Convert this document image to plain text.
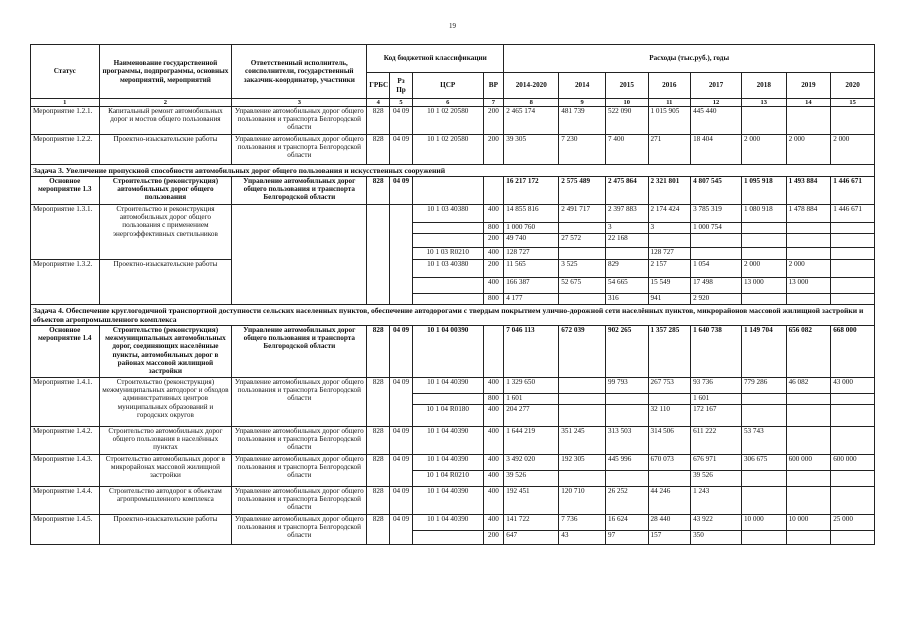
19
Статус	Наименование государственной программы, подпрограммы, основных мероприятий, мероприятий	Ответственный исполнитель, соисполнители, государственный заказчик-координатор, участники	Код бюджетной классификации				Расходы (тыс.руб.), годы							
			ГРБС	Рз Пр	ЦСР	ВР	2014-2020	2014	2015	2016	2017	2018	2019	2020
1	2	3	4	5	6	7	8	9	10	11	12	13	14	15
Мероприятие 1.2.1.	Капитальный ремонт автомобильных дорог и мостов общего пользования	Управление автомобильных дорог общего пользования и транспорта Белгородской области	828	04 09	10 1 02 20580	200	2 465 174	481 739	522 090	1 015 905	445 440			
Мероприятие 1.2.2.	Проектно-изыскательские работы	Управление автомобильных дорог общего пользования и транспорта Белгородской области	828	04 09	10 1 02 20580	200	39 305	7 230	7 400	271	18 404	2 000	2 000	2 000
Задача 3. Увеличение пропускной способности автомобильных дорог общего пользования и искусственных сооружений														
Основное мероприятие 1.3	Строительство (реконструкция) автомобильных дорог общего пользования	Управление автомобильных дорог общего пользования и транспорта Белгородской области	828	04 09			16 217 172	2 575 489	2 475 864	2 321 801	4 807 545	1 095 918	1 493 884	1 446 671
Мероприятие 1.3.1.	Строительство и реконструкция автомобильных дорог общего пользования с применением энергоэффективных светильников				10 1 03 40380	400	14 855 816	2 491 717	2 397 883	2 174 424	3 785 319	1 080 918	1 478 884	1 446 671
						800	1 000 760		3	3	1 000 754			
						200	49 740	27 572	22 168					
					10 1 03 R0210	400	128 727			128 727				
Мероприятие 1.3.2.	Проектно-изыскательские работы				10 1 03 40380	200	11 565	3 525	829	2 157	1 054	2 000	2 000	
						400	166 387	52 675	54 665	15 549	17 498	13 000	13 000	
						800	4 177		316	941	2 920			
Задача 4. Обеспечение круглогодичной транспортной доступности сельских населенных пунктов, обеспечение автодорогами с твердым покрытием улично-дорожной сети населённых пунктов, микрорайонов массовой жилищной застройки и объектов агропромышленного комплекса														
Основное мероприятие 1.4	Строительство (реконструкция) межмуниципальных автомобильных дорог, соединяющих населённые пункты, автомобильных дорог в районах массовой жилищной застройки	Управление автомобильных дорог общего пользования и транспорта Белгородской области	828	04 09	10 1 04 00390		7 046 113	672 039	902 265	1 357 285	1 640 738	1 149 704	656 082	668 000
Мероприятие 1.4.1.	Строительство (реконструкция) межмуниципальных автодорог и обходов административных центров муниципальных образований и городских округов	Управление автомобильных дорог общего пользования и транспорта Белгородской области	828	04 09	10 1 04 40390	400	1 329 650		99 793	267 753	93 736	779 286	46 082	43 000
						800	1 601				1 601			
					10 1 04 R0180	400	204 277			32 110	172 167			
Мероприятие 1.4.2.	Строительство автомобильных дорог общего пользования в населённых пунктах	Управление автомобильных дорог общего пользования и транспорта Белгородской области	828	04 09	10 1 04 40390	400	1 644 219	351 245	313 503	314 506	611 222	53 743		
Мероприятие 1.4.3.	Строительство автомобильных дорог в микрорайонах массовой жилищной застройки	Управление автомобильных дорог общего пользования и транспорта Белгородской области	828	04 09	10 1 04 40390	400	3 492 020	192 305	445 996	670 073	676 971	306 675	600 000	600 000
					10 1 04 R0210	400	39 526				39 526			
Мероприятие 1.4.4.	Строительство автодорог к объектам агропромышленного комплекса	Управление автомобильных дорог общего пользования и транспорта Белгородской области	828	04 09	10 1 04 40390	400	192 451	120 710	26 252	44 246	1 243			
Мероприятие 1.4.5.	Проектно-изыскательские работы	Управление автомобильных дорог общего пользования и транспорта Белгородской области	828	04 09	10 1 04 40390	400	141 722	7 736	16 624	28 440	43 922	10 000	10 000	25 000
						200	647	43	97	157	350			
